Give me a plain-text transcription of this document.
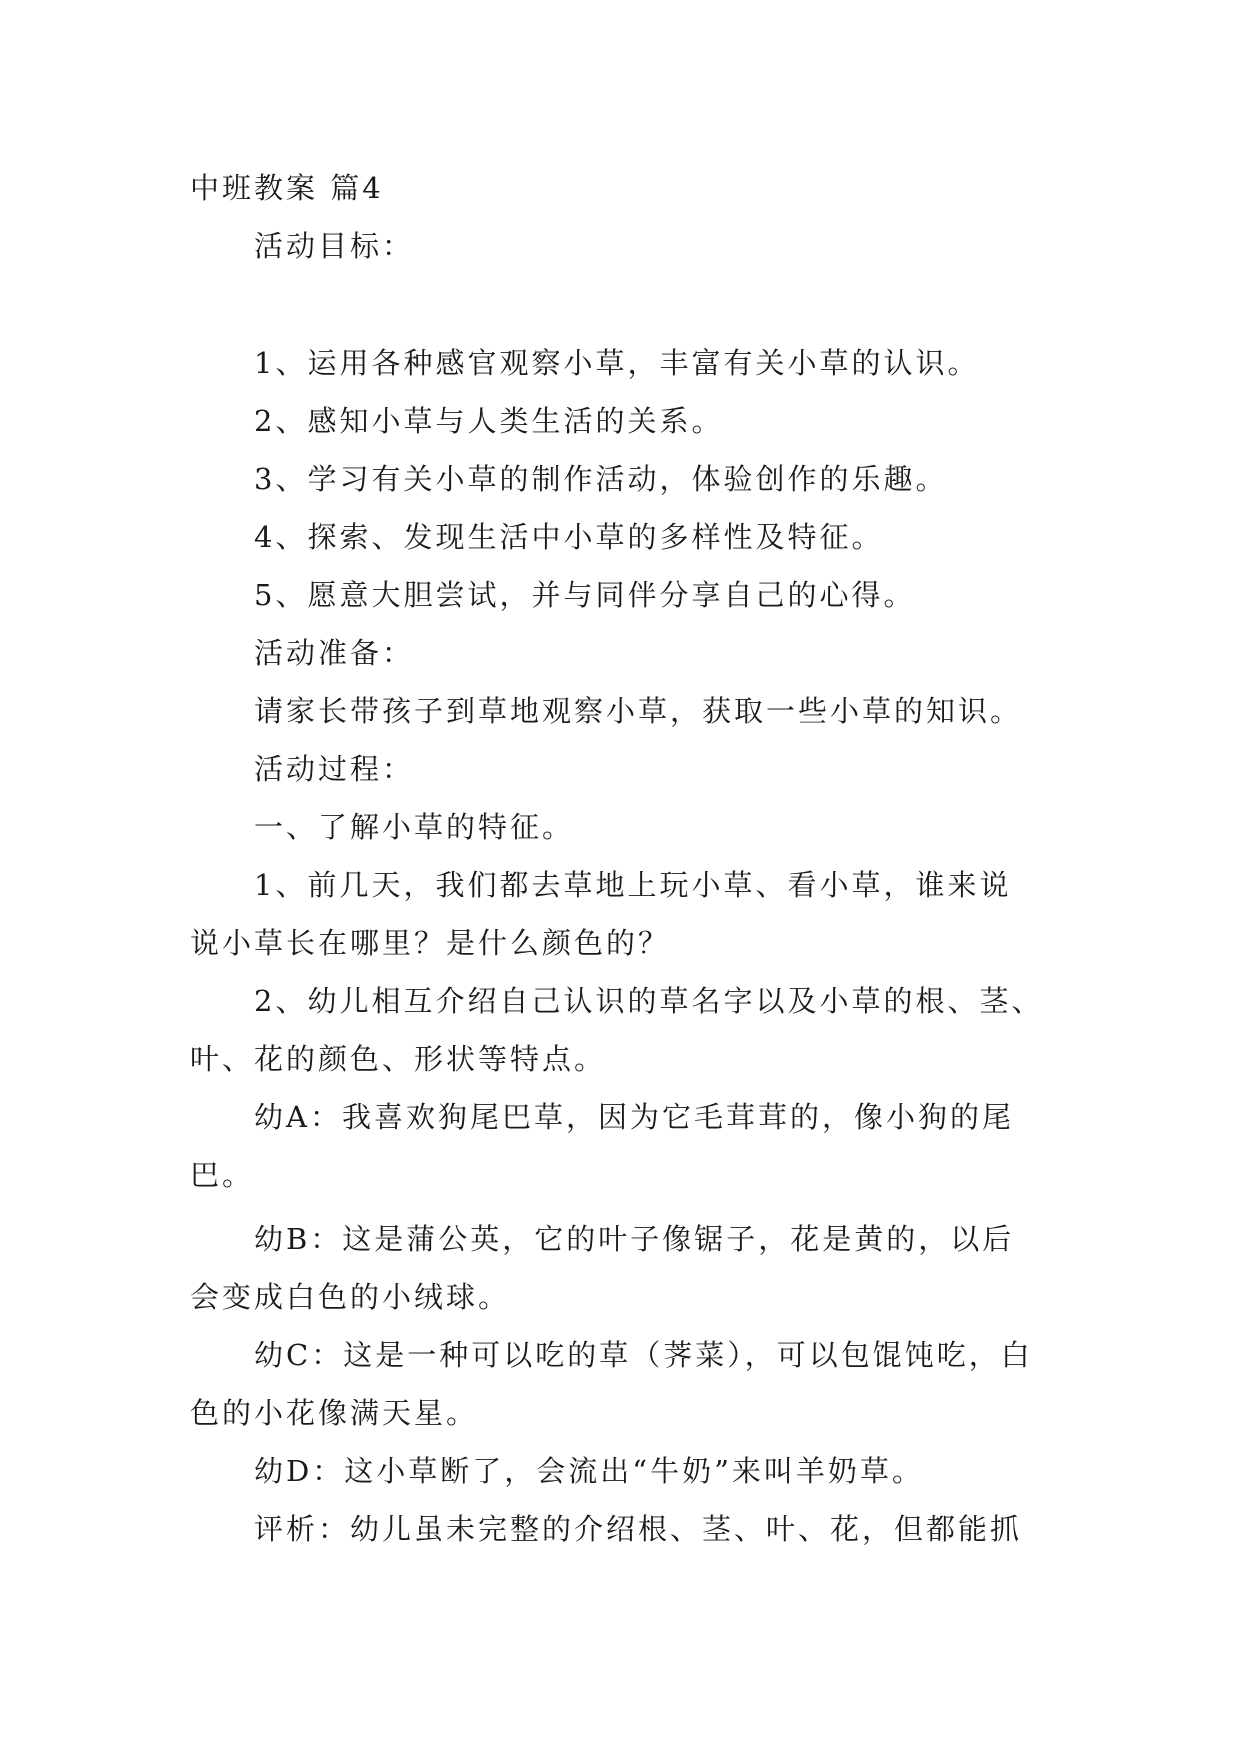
中班教案 篇4
活动目标：
1、运用各种感官观察小草，丰富有关小草的认识。
2、感知小草与人类生活的关系。
3、学习有关小草的制作活动，体验创作的乐趣。
4、探索、发现生活中小草的多样性及特征。
5、愿意大胆尝试，并与同伴分享自己的心得。
活动准备：
请家长带孩子到草地观察小草，获取一些小草的知识。
活动过程：
一、了解小草的特征。
1、前几天，我们都去草地上玩小草、看小草，谁来说
说小草长在哪里？是什么颜色的？
2、幼儿相互介绍自己认识的草名字以及小草的根、茎、
叶、花的颜色、形状等特点。
幼A：我喜欢狗尾巴草，因为它毛茸茸的，像小狗的尾
巴。
幼B：这是蒲公英，它的叶子像锯子，花是黄的，以后
会变成白色的小绒球。
幼C：这是一种可以吃的草（荠菜），可以包馄饨吃，白
色的小花像满天星。
幼D：这小草断了，会流出“牛奶”来叫羊奶草。
评析：幼儿虽未完整的介绍根、茎、叶、花，但都能抓
